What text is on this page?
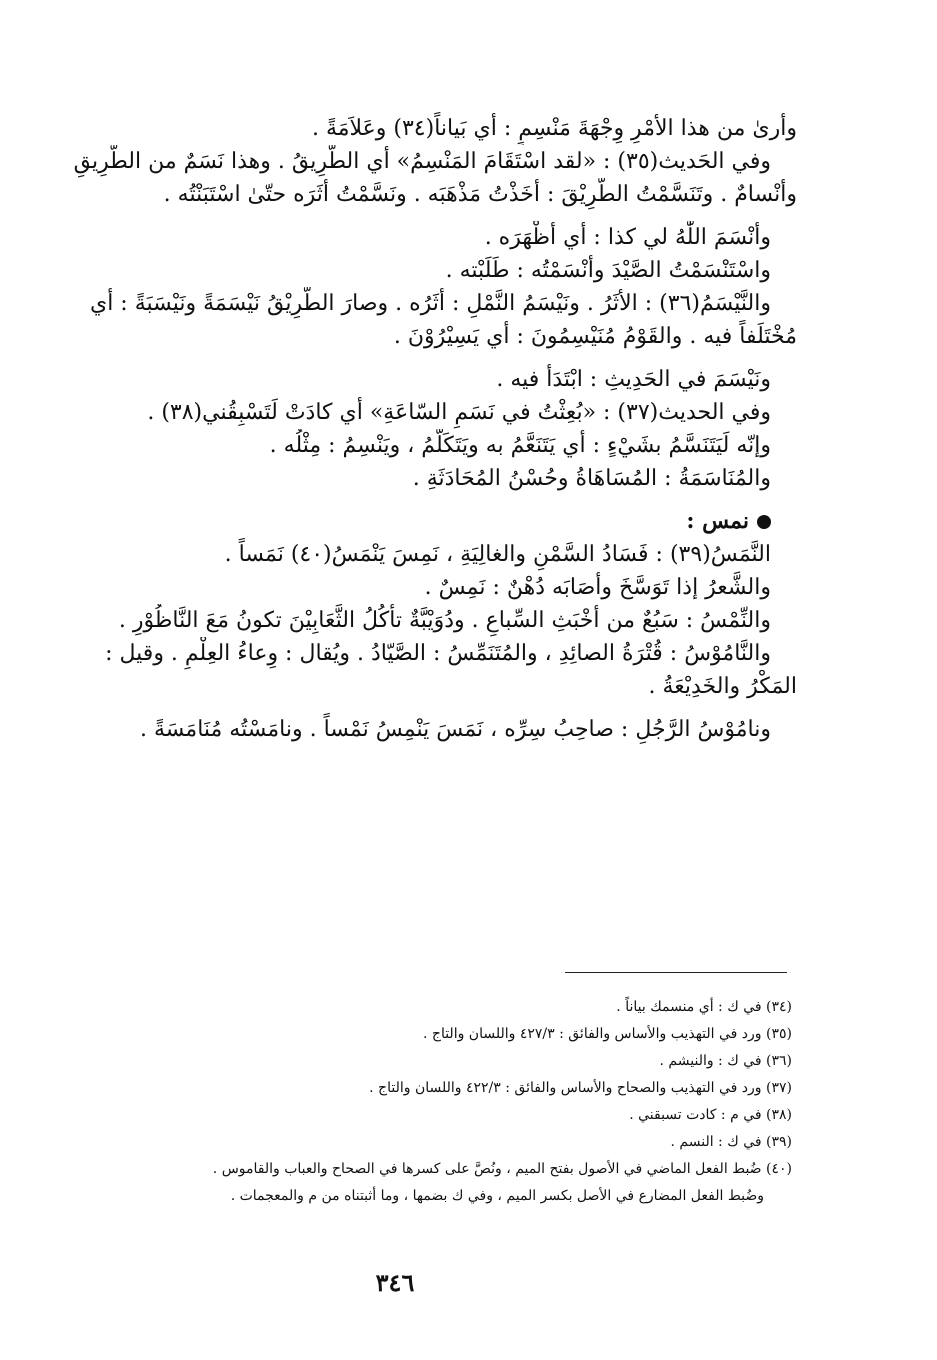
وأرىٰ من هذا الأمْرِ وِجْهَةَ مَنْسِمٍ : أي بَياناً(٣٤) وعَلاَمَةً .
وفي الحَديث(٣٥) : «لقد اسْتَقَامَ المَنْسِمُ» أي الطَّرِيقُ . وهذا نَسَمٌ من الطَّرِيقِ
وأنْسامٌ . وتَنَسَّمْتُ الطَّرِيْقَ : أخَذْتُ مَذْهَبَه . ونَسَّمْتُ أثَرَه حتّىٰ اسْتَبَنْتُه .
وأنْسَمَ اللّٰهُ لي كذا : أي أظْهَرَه .
واسْتَنْسَمْتُ الصَّيْدَ وأنْسَمْتُه : طَلَبْته .
والنَّيْسَمُ(٣٦) : الأثَرُ . ونَيْسَمُ النَّمْلِ : أثَرُه . وصارَ الطَّرِيْقُ نَيْسَمَةً ونَيْسَبَةً : أي
مُخْتَلَفاً فيه . والقَوْمُ مُنَيْسِمُونَ : أي يَسِيْرُوْنَ .
ونَيْسَمَ في الحَدِيثِ : ابْتَدَأ فيه .
وفي الحديث(٣٧) : «بُعِثْتُ في نَسَمِ السّاعَةِ» أي كادَتْ لَتَسْبِقُني(٣٨) .
وإنّه لَيَتَنَسَّمُ بشَيْءٍ : أي يَتَنَعَّمُ به ويَتَكَلَّمُ ، ويَنْسِمُ : مِثْلُه .
والمُنَاسَمَةُ : المُسَاهَاةُ وحُسْنُ المُحَادَثَةِ .
نمس :
النَّمَسُ(٣٩) : فَسَادُ السَّمْنِ والغالِيَةِ ، نَمِسَ يَنْمَسُ(٤٠) نَمَساً .
والشَّعرُ إذا تَوَسَّخَ وأصَابَه دُهْنٌ : نَمِسٌ .
والنِّمْسُ : سَبُعٌ من أخْبَثِ السِّباعِ . ودُوَيْبَّةٌ تأكُلُ الثَّعَابِيْنَ تكونُ مَعَ النَّاظُوْرِ .
والنَّامُوْسُ : قُتْرَةُ الصائِدِ ، والمُتَنَمِّسُ : الصَّيّادُ . ويُقال : وِعاءُ العِلْمِ . وقيل :
المَكْرُ والخَدِيْعَةُ .
ونامُوْسُ الرَّجُلِ : صاحِبُ سِرِّه ، نَمَسَ يَنْمِسُ نَمْساً . ونامَسْتُه مُنَامَسَةً .
(٣٤) في ك : أي منسمك بياناً .
(٣٥) ورد في التهذيب والأساس والفائق : ٤٢٧/٣ واللسان والتاج .
(٣٦) في ك : والنيشم .
(٣٧) ورد في التهذيب والصحاح والأساس والفائق : ٤٢٢/٣ واللسان والتاج .
(٣٨) في م : كادت تسبقني .
(٣٩) في ك : النسم .
(٤٠) ضُبط الفعل الماضي في الأصول بفتح الميم ، ونُصَّ على كسرها في الصحاح والعباب والقاموس .
وضُبط الفعل المضارع في الأصل بكسر الميم ، وفي ك بضمها ، وما أثبتناه من م والمعجمات .
٣٤٦
